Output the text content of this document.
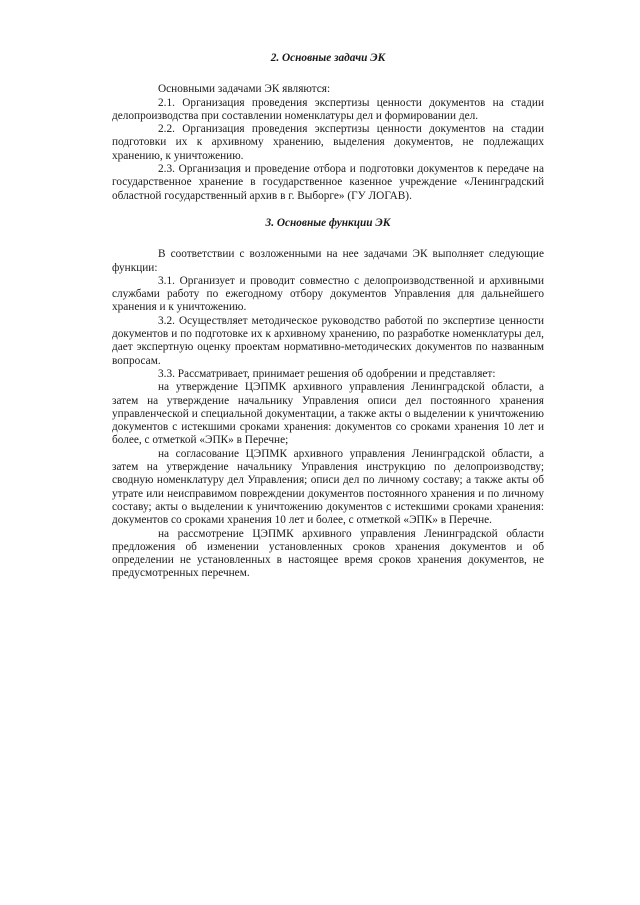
2. Основные задачи ЭК

Основными задачами ЭК являются:

2.1. Организация проведения экспертизы ценности документов на стадии делопроизводства при составлении номенклатуры дел и формировании дел.

2.2. Организация проведения экспертизы ценности документов на стадии подготовки их к архивному хранению, выделения документов, не подлежащих хранению, к уничтожению.

2.3. Организация и проведение отбора и подготовки документов к передаче на государственное хранение в государственное казенное учреждение «Ленинградский областной государственный архив в г. Выборге» (ГУ ЛОГАВ).

3. Основные функции ЭК

В соответствии с возложенными на нее задачами ЭК выполняет следующие функции:

3.1. Организует и проводит совместно с делопроизводственной и архивными службами работу по ежегодному отбору документов Управления для дальнейшего хранения и к уничтожению.

3.2. Осуществляет методическое руководство работой по экспертизе ценности документов и по подготовке их к архивному хранению, по разработке номенклатуры дел, дает экспертную оценку проектам нормативно-методических документов по названным вопросам.

3.3. Рассматривает, принимает решения об одобрении и представляет:

на утверждение ЦЭПМК архивного управления Ленинградской области, а затем на утверждение начальнику Управления описи дел постоянного хранения управленческой и специальной документации, а также акты о выделении к уничтожению документов с истекшими сроками хранения: документов со сроками хранения 10 лет и более, с отметкой «ЭПК» в Перечне;

на согласование ЦЭПМК архивного управления Ленинградской области, а затем на утверждение начальнику Управления инструкцию по делопроизводству; сводную номенклатуру дел Управления; описи дел по личному составу; а также акты об утрате или неисправимом повреждении документов постоянного хранения и по личному составу; акты о выделении к уничтожению документов с истекшими сроками хранения: документов со сроками хранения 10 лет и более, с отметкой «ЭПК» в Перечне.

на рассмотрение ЦЭПМК архивного управления Ленинградской области предложения об изменении установленных сроков хранения документов и об определении не установленных в настоящее время сроков хранения документов, не предусмотренных перечнем.
